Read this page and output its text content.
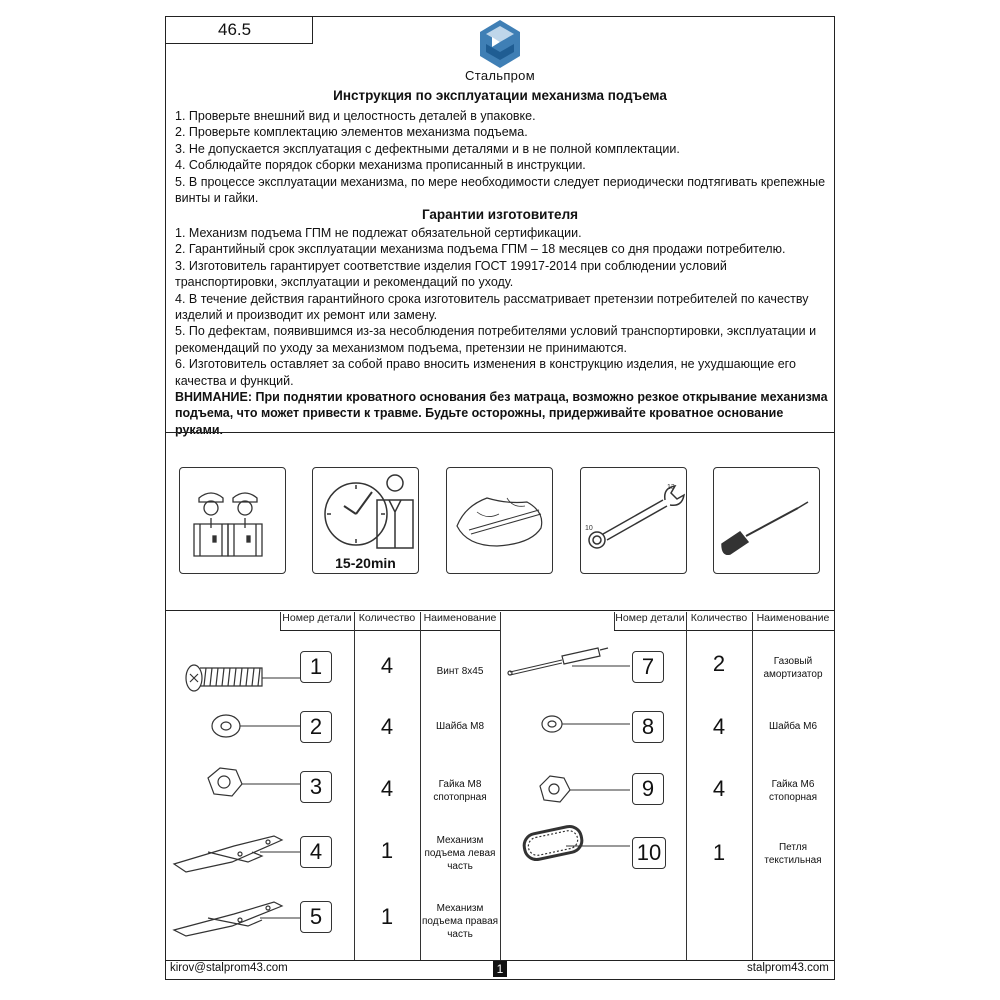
46.5
Стальпром
Инструкция по эксплуатации механизма подъема

1. Проверьте внешний вид и целостность деталей в упаковке.

2. Проверьте комплектацию элементов механизма подъема.

3. Не допускается эксплуатация с дефектными деталями и в не полной комплектации.

4. Соблюдайте порядок сборки механизма прописанный в инструкции.

5. В процессе эксплуатации механизма, по мере необходимости следует периодически подтягивать крепежные винты и гайки.

Гарантии изготовителя

1. Механизм подъема ГПМ не подлежат обязательной сертификации.

2. Гарантийный срок эксплуатации механизма подъема ГПМ – 18 месяцев со дня продажи потребителю.

3. Изготовитель гарантирует соответствие изделия ГОСТ 19917-2014 при соблюдении условий транспортировки, эксплуатации и рекомендаций по уходу.

4. В течение действия гарантийного срока изготовитель рассматривает претензии потребителей по качеству изделий и производит их ремонт или замену.

5. По дефектам, появившимся из-за несоблюдения потребителями условий транспортировки, эксплуатации и рекомендаций по уходу за механизмом подъема, претензии не принимаются.

6. Изготовитель оставляет за собой право вносить изменения в конструкцию изделия, не ухудшающие его качества и функций.

ВНИМАНИЕ: При поднятии кроватного основания без матраца, возможно резкое открывание механизма подъема, что может привести к травме. Будьте осторожны, придерживайте кроватное основание руками.

15-20min
13
10
Номер детали Количество Наименование	Номер детали Количество Наименование
1	4	Винт 8х45
2	4	Шайба М8
3	4	Гайка М8 спотопрная
4	1	Механизм подъема левая часть
5	1	Механизм подъема правая часть
7	2	Газовый амортизатор
8	4	Шайба М6
9	4	Гайка М6 стопорная
10	1	Петля текстильная
kirov@stalprom43.com	1	stalprom43.com
